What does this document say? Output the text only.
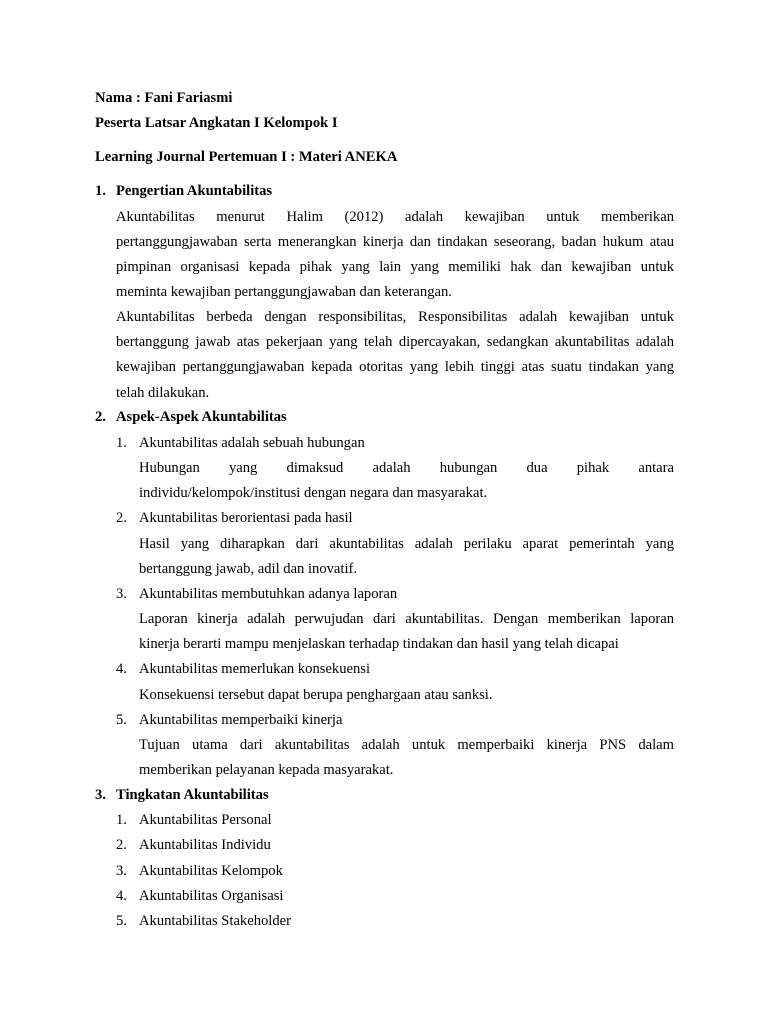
Nama : Fani Fariasmi
Peserta Latsar Angkatan I Kelompok I
Learning Journal Pertemuan I : Materi ANEKA
1. Pengertian Akuntabilitas
Akuntabilitas menurut Halim (2012) adalah kewajiban untuk memberikan
pertanggungjawaban serta menerangkan kinerja dan tindakan seseorang, badan hukum atau
pimpinan organisasi kepada pihak yang lain yang memiliki hak dan kewajiban untuk
meminta kewajiban pertanggungjawaban dan keterangan.
Akuntabilitas berbeda dengan responsibilitas, Responsibilitas adalah kewajiban untuk
bertanggung jawab atas pekerjaan yang telah dipercayakan, sedangkan akuntabilitas adalah
kewajiban pertanggungjawaban kepada otoritas yang lebih tinggi atas suatu tindakan yang
telah dilakukan.
2. Aspek-Aspek Akuntabilitas
1. Akuntabilitas adalah sebuah hubungan
Hubungan yang dimaksud adalah hubungan dua pihak antara
individu/kelompok/institusi dengan negara dan masyarakat.
2. Akuntabilitas berorientasi pada hasil
Hasil yang diharapkan dari akuntabilitas adalah perilaku aparat pemerintah yang
bertanggung jawab, adil dan inovatif.
3. Akuntabilitas membutuhkan adanya laporan
Laporan kinerja adalah perwujudan dari akuntabilitas. Dengan memberikan laporan
kinerja berarti mampu menjelaskan terhadap tindakan dan hasil yang telah dicapai
4. Akuntabilitas memerlukan konsekuensi
Konsekuensi tersebut dapat berupa penghargaan atau sanksi.
5. Akuntabilitas memperbaiki kinerja
Tujuan utama dari akuntabilitas adalah untuk memperbaiki kinerja PNS dalam
memberikan pelayanan kepada masyarakat.
3. Tingkatan Akuntabilitas
1. Akuntabilitas Personal
2. Akuntabilitas Individu
3. Akuntabilitas Kelompok
4. Akuntabilitas Organisasi
5. Akuntabilitas Stakeholder
